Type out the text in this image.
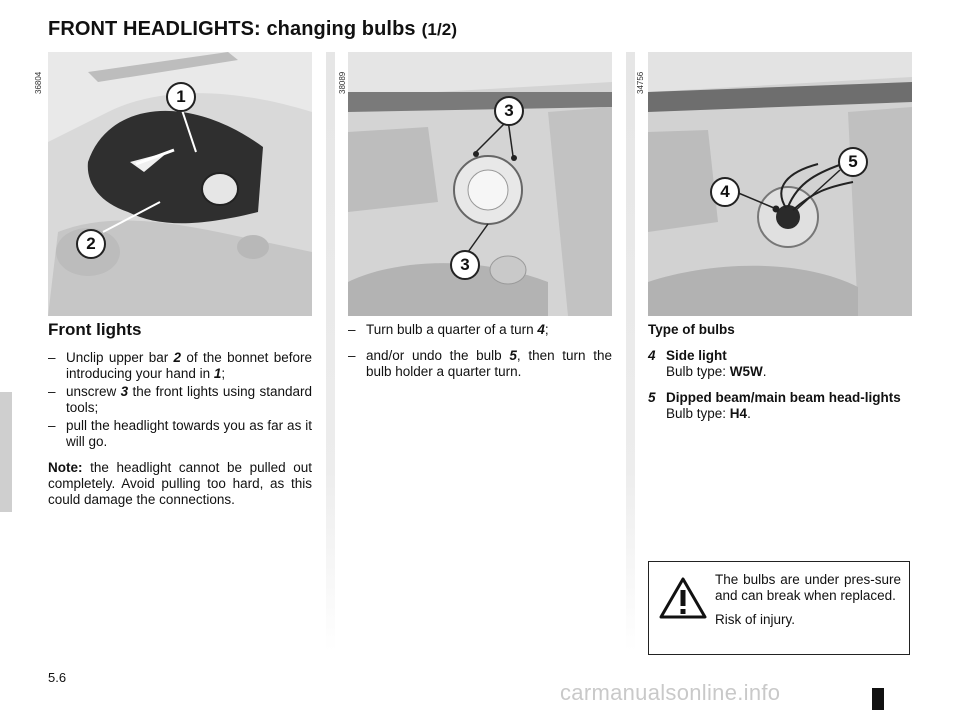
FRONT HEADLIGHTS: changing bulbs (1/2)
36804
1
2
38089
3
3
34756
4
5
Front lights
– Unclip upper bar 2 of the bonnet before introducing your hand in 1;
– unscrew 3 the front lights using standard tools;
– pull the headlight towards you as far as it will go.
Note: the headlight cannot be pulled out completely. Avoid pulling too hard, as this could damage the connections.
– Turn bulb a quarter of a turn 4;
– and/or undo the bulb 5, then turn the bulb holder a quarter turn.
Type of bulbs
4 Side light
Bulb type: W5W.
5 Dipped beam/main beam head-lights
Bulb type: H4.
The bulbs are under pres-sure and can break when replaced.
Risk of injury.
5.6
carmanualsonline.info
